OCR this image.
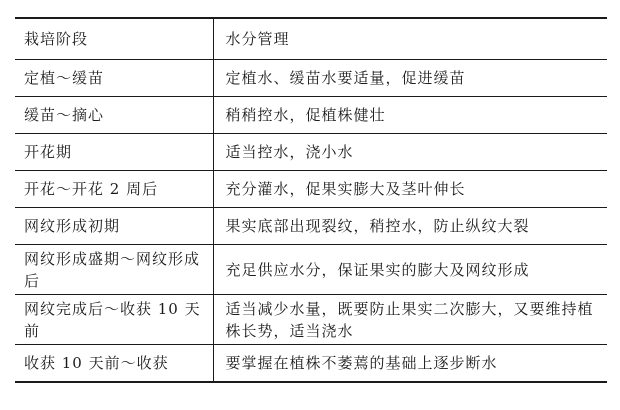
栽培阶段	水分管理
定植～缓苗	定植水、缓苗水要适量，促进缓苗
缓苗～摘心	稍稍控水，促植株健壮
开花期	适当控水，浇小水
开花～开花 2 周后	充分灌水，促果实膨大及茎叶伸长
网纹形成初期	果实底部出现裂纹，稍控水，防止纵纹大裂
网纹形成盛期～网纹形成后	充足供应水分，保证果实的膨大及网纹形成
网纹完成后～收获 10 天前	适当减少水量，既要防止果实二次膨大，又要维持植株长势，适当浇水
收获 10 天前～收获	要掌握在植株不萎蔫的基础上逐步断水
